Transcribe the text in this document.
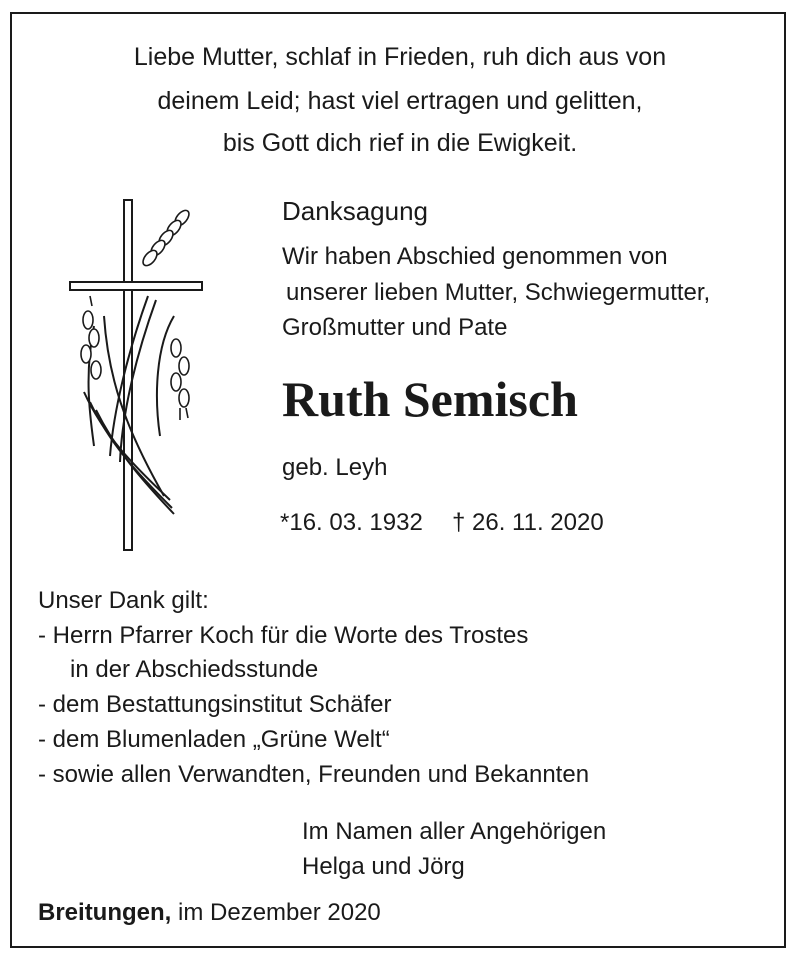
Liebe Mutter, schlaf in Frieden, ruh dich aus von
deinem Leid; hast viel ertragen und gelitten,
bis Gott dich rief in die Ewigkeit.
Danksagung
Wir haben Abschied genommen von
unserer lieben Mutter, Schwiegermutter,
Großmutter und Pate
Ruth Semisch
geb. Leyh
*16. 03. 1932 † 26. 11. 2020
Unser Dank gilt:
- Herrn Pfarrer Koch für die Worte des Trostes
in der Abschiedsstunde
- dem Bestattungsinstitut Schäfer
- dem Blumenladen „Grüne Welt“
- sowie allen Verwandten, Freunden und Bekannten
Im Namen aller Angehörigen
Helga und Jörg
Breitungen, im Dezember 2020
